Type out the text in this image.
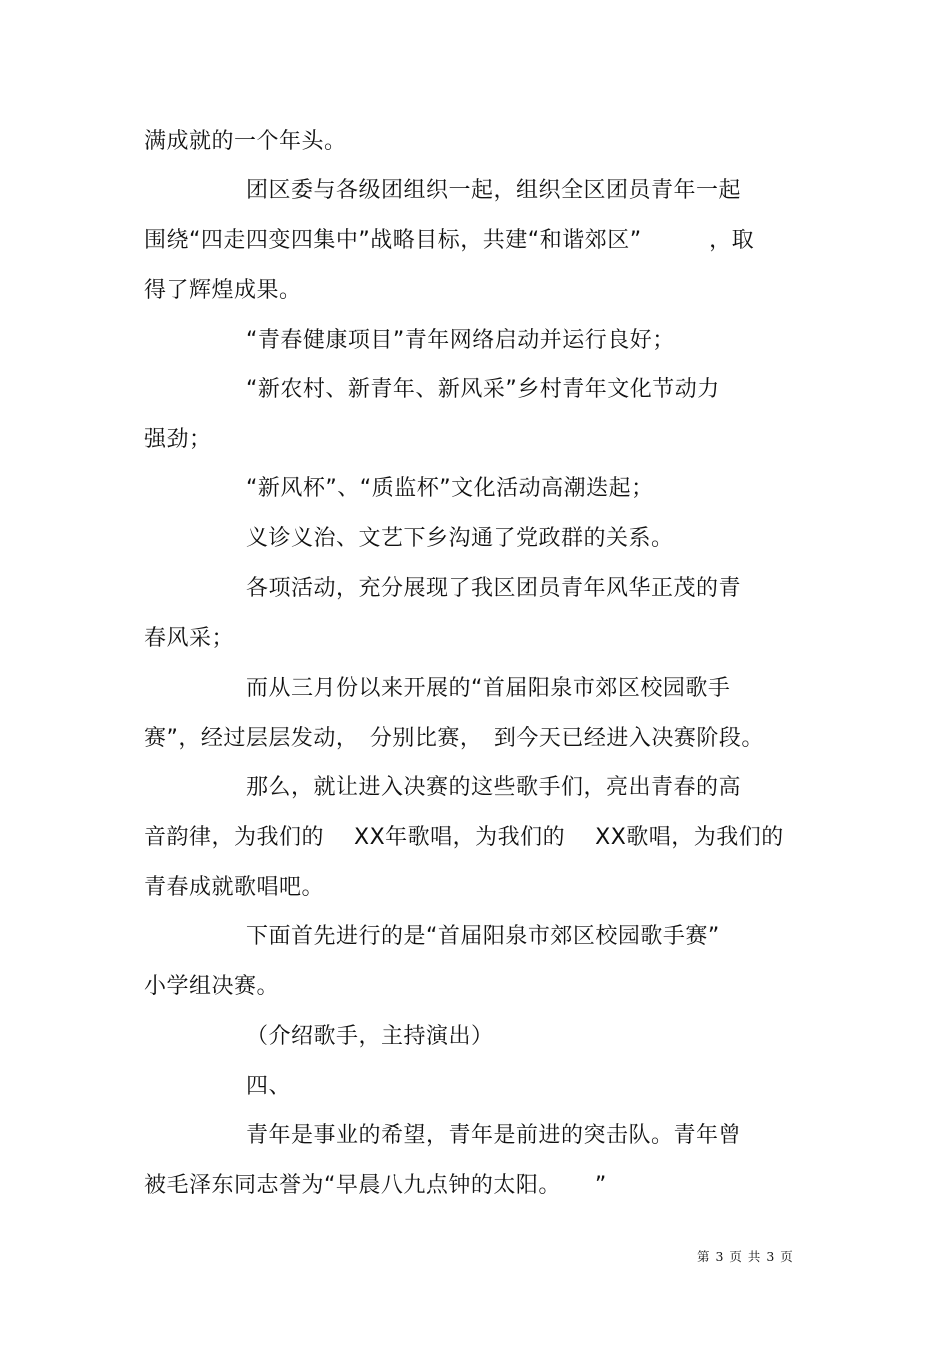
满成就的一个年头。
团区委与各级团组织一起，组织全区团员青年一起
围绕“四走四变四集中”战略目标，共建“和谐郊区”　　　，取
得了辉煌成果。
“青春健康项目”青年网络启动并运行良好；
“新农村、新青年、新风采”乡村青年文化节动力
强劲；
“新风杯”、“质监杯”文化活动高潮迭起；
义诊义治、文艺下乡沟通了党政群的关系。
各项活动，充分展现了我区团员青年风华正茂的青
春风采；
而从三月份以来开展的“首届阳泉市郊区校园歌手
赛”，经过层层发动，　分别比赛，　到今天已经进入决赛阶段。
那么，就让进入决赛的这些歌手们，亮出青春的高
音韵律，为我们的　 XX年歌唱，为我们的　 XX歌唱，为我们的
青春成就歌唱吧。
下面首先进行的是“首届阳泉市郊区校园歌手赛”
小学组决赛。
（介绍歌手，主持演出）
四、
青年是事业的希望，青年是前进的突击队。青年曾
被毛泽东同志誉为“早晨八九点钟的太阳。　　”
第 3 页 共 3 页
